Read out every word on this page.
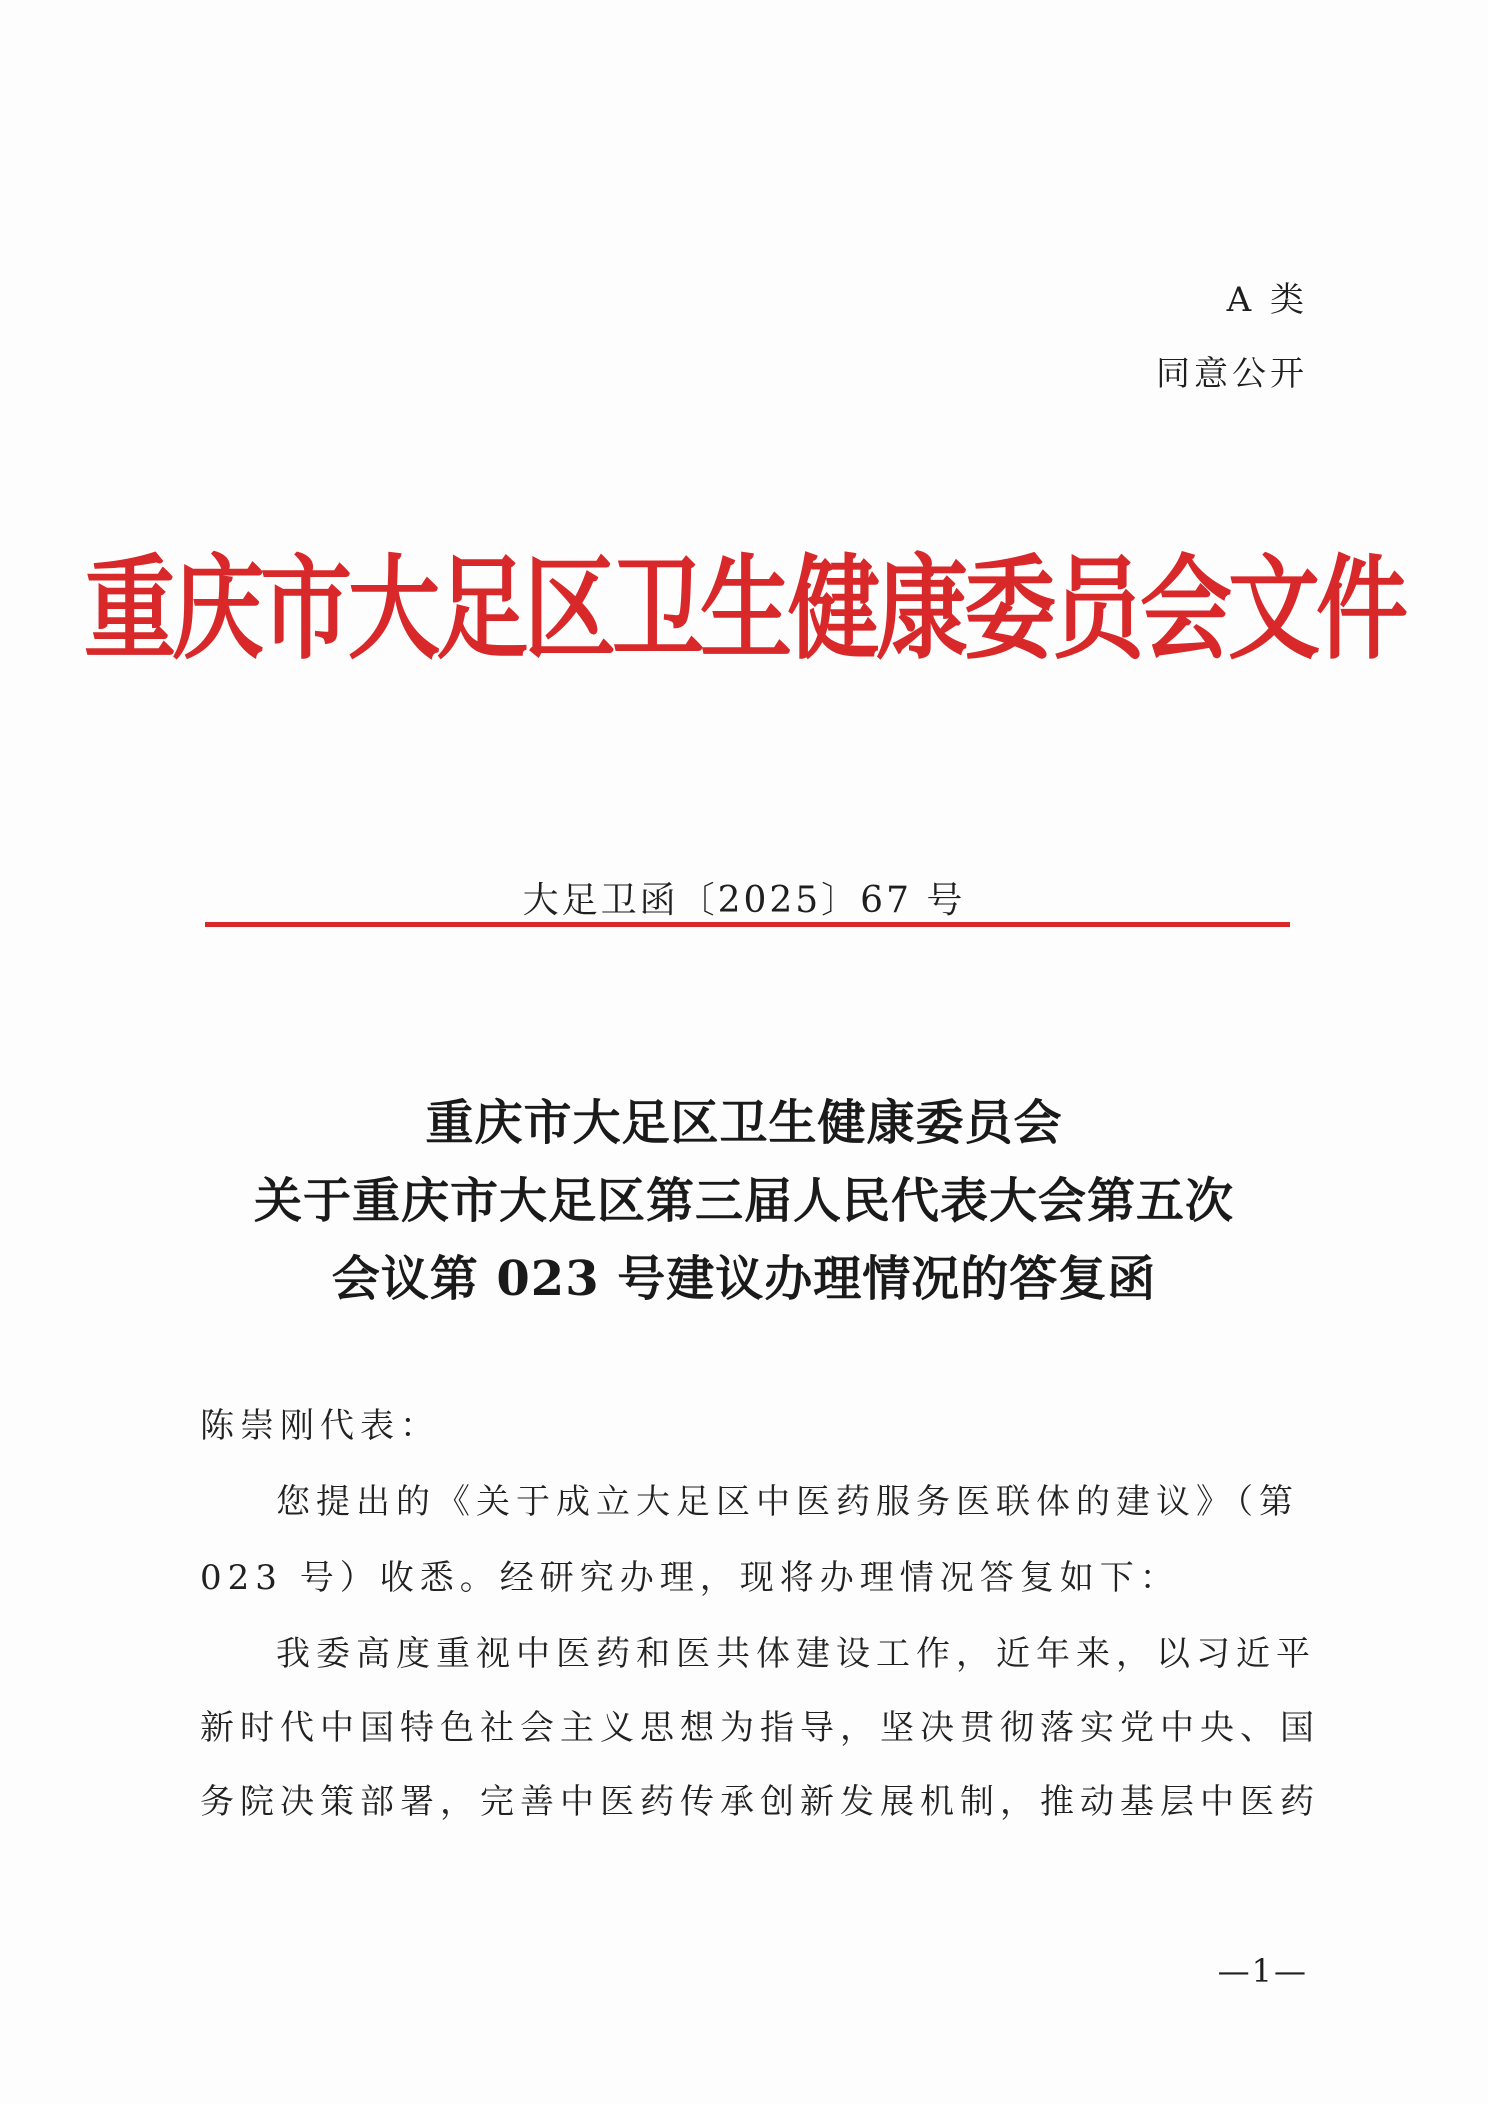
A 类
同意公开
重庆市大足区卫生健康委员会文件
大足卫函〔2025〕67 号
重庆市大足区卫生健康委员会
关于重庆市大足区第三届人民代表大会第五次
会议第 023 号建议办理情况的答复函
陈崇刚代表：
您提出的《关于成立大足区中医药服务医联体的建议》（第
023 号）收悉。经研究办理，现将办理情况答复如下：
我委高度重视中医药和医共体建设工作，近年来，以习近平
新时代中国特色社会主义思想为指导，坚决贯彻落实党中央、国
务院决策部署，完善中医药传承创新发展机制，推动基层中医药
—1—
